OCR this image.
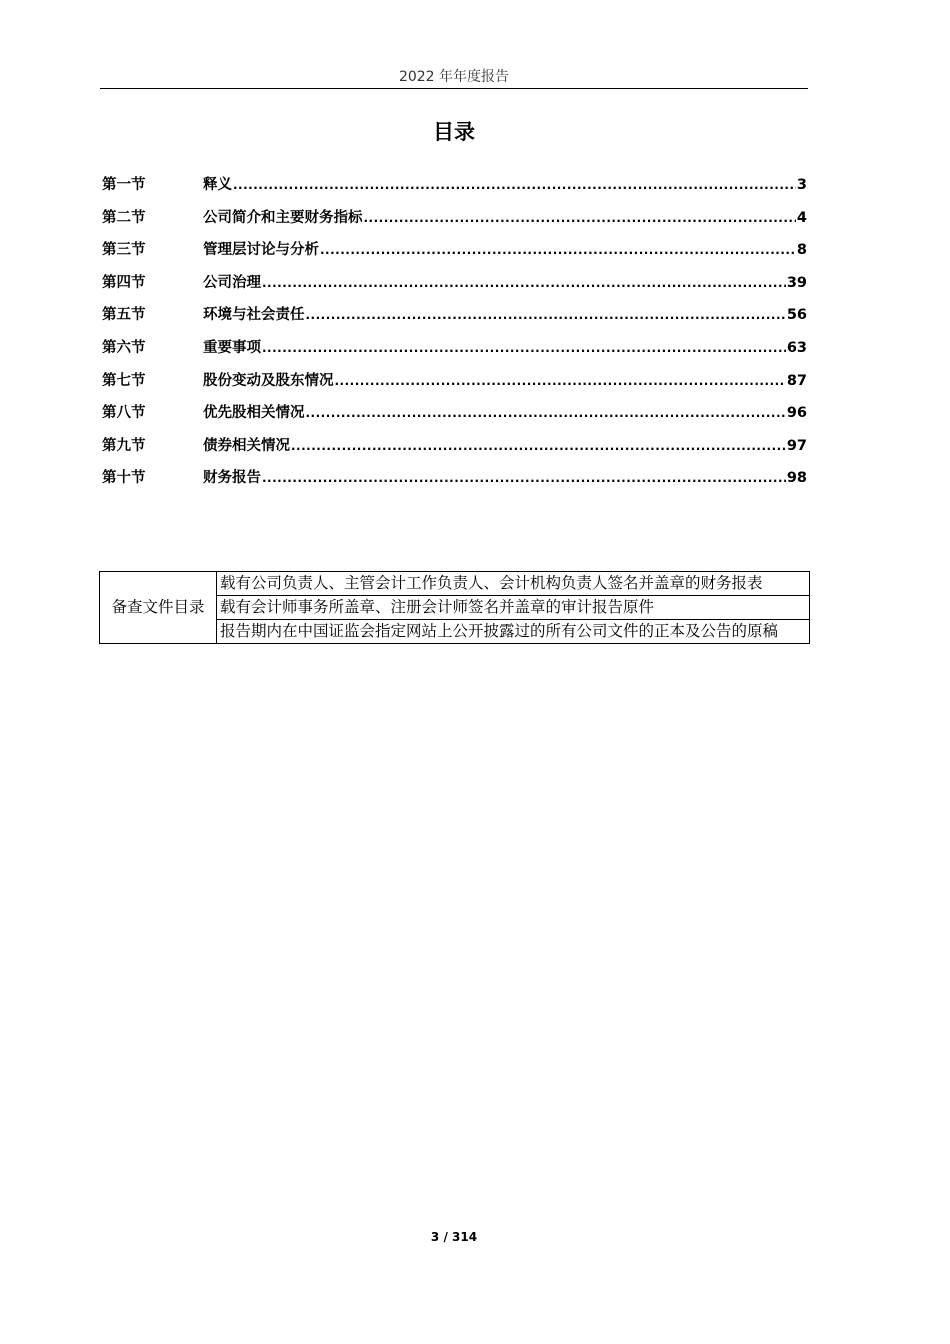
2022 年年度报告
目录
第一节	释义 .....	3
第二节	公司简介和主要财务指标 .....	4
第三节	管理层讨论与分析 .....	8
第四节	公司治理 .....	39
第五节	环境与社会责任 .....	56
第六节	重要事项 .....	63
第七节	股份变动及股东情况 .....	87
第八节	优先股相关情况 .....	96
第九节	债券相关情况 .....	97
第十节	财务报告 .....	98
备查文件目录	载有公司负责人、主管会计工作负责人、会计机构负责人签名并盖章的财务报表
载有会计师事务所盖章、注册会计师签名并盖章的审计报告原件
报告期内在中国证监会指定网站上公开披露过的所有公司文件的正本及公告的原稿
3 / 314
